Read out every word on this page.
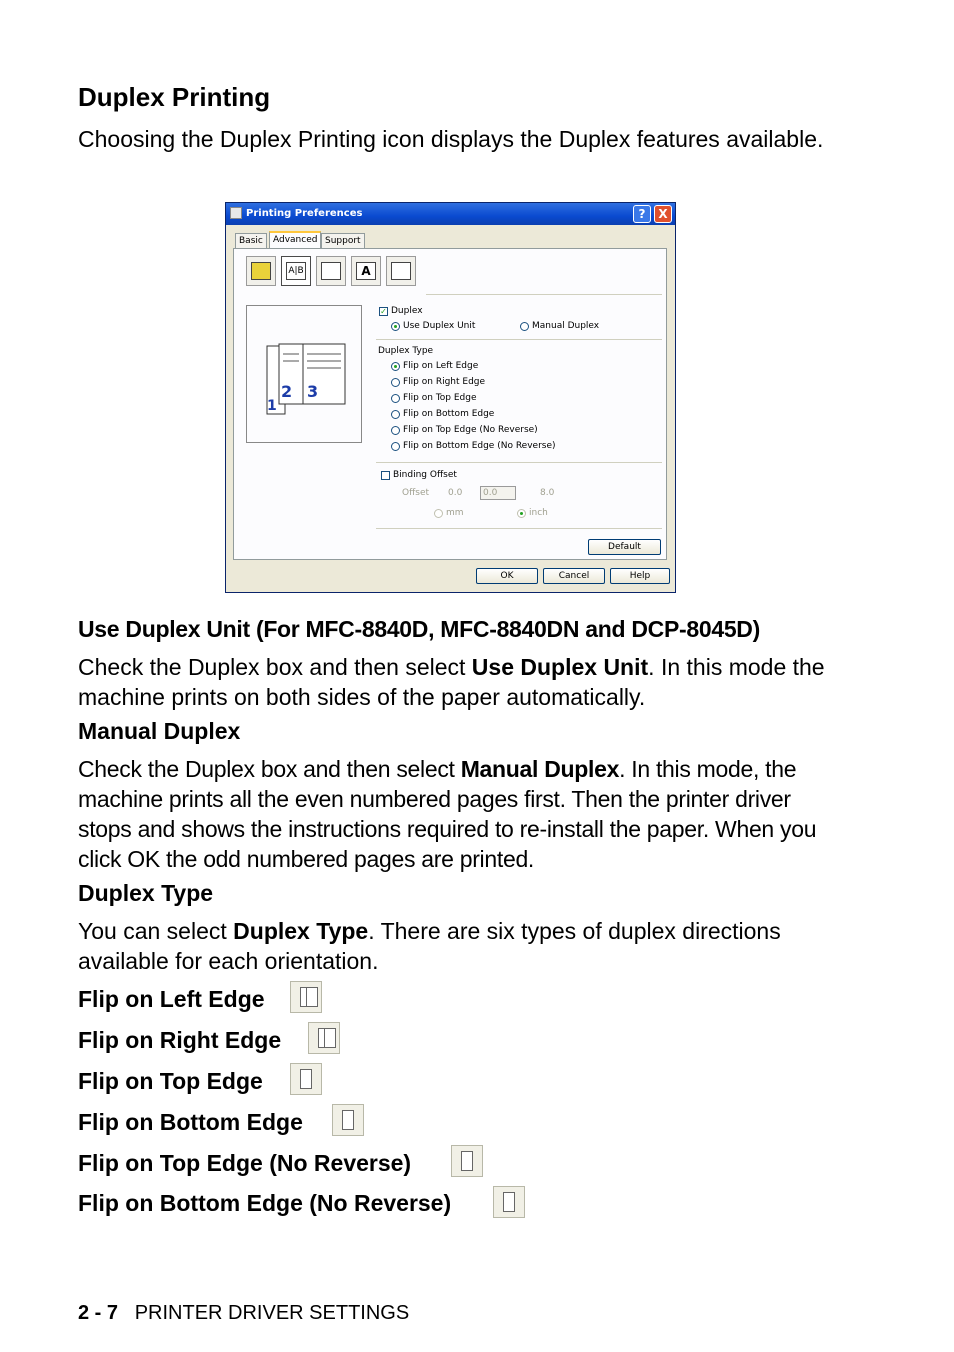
Duplex Printing
Choosing the Duplex Printing icon displays the Duplex features available.
Printing Preferences	?	X
Basic	Advanced Support
A|B	A
1
2 3
✓ Duplex
Use Duplex Unit	Manual Duplex
Duplex Type
Flip on Left Edge
Flip on Right Edge
Flip on Top Edge
Flip on Bottom Edge
Flip on Top Edge (No Reverse)
Flip on Bottom Edge (No Reverse)
Binding Offset
Offset 0.0	0.0	8.0
mm	inch
Default
OK	Cancel	Help
Use Duplex Unit (For MFC-8840D, MFC-8840DN and DCP-8045D)
Check the Duplex box and then select Use Duplex Unit. In this mode the machine prints on both sides of the paper automatically.
Manual Duplex
Check the Duplex box and then select Manual Duplex. In this mode, the machine prints all the even numbered pages first. Then the printer driver stops and shows the instructions required to re-install the paper. When you click OK the odd numbered pages are printed.
Duplex Type
You can select Duplex Type. There are six types of duplex directions available for each orientation.
Flip on Left Edge
Flip on Right Edge
Flip on Top Edge
Flip on Bottom Edge
Flip on Top Edge (No Reverse)
Flip on Bottom Edge (No Reverse)
2 - 7 PRINTER DRIVER SETTINGS
